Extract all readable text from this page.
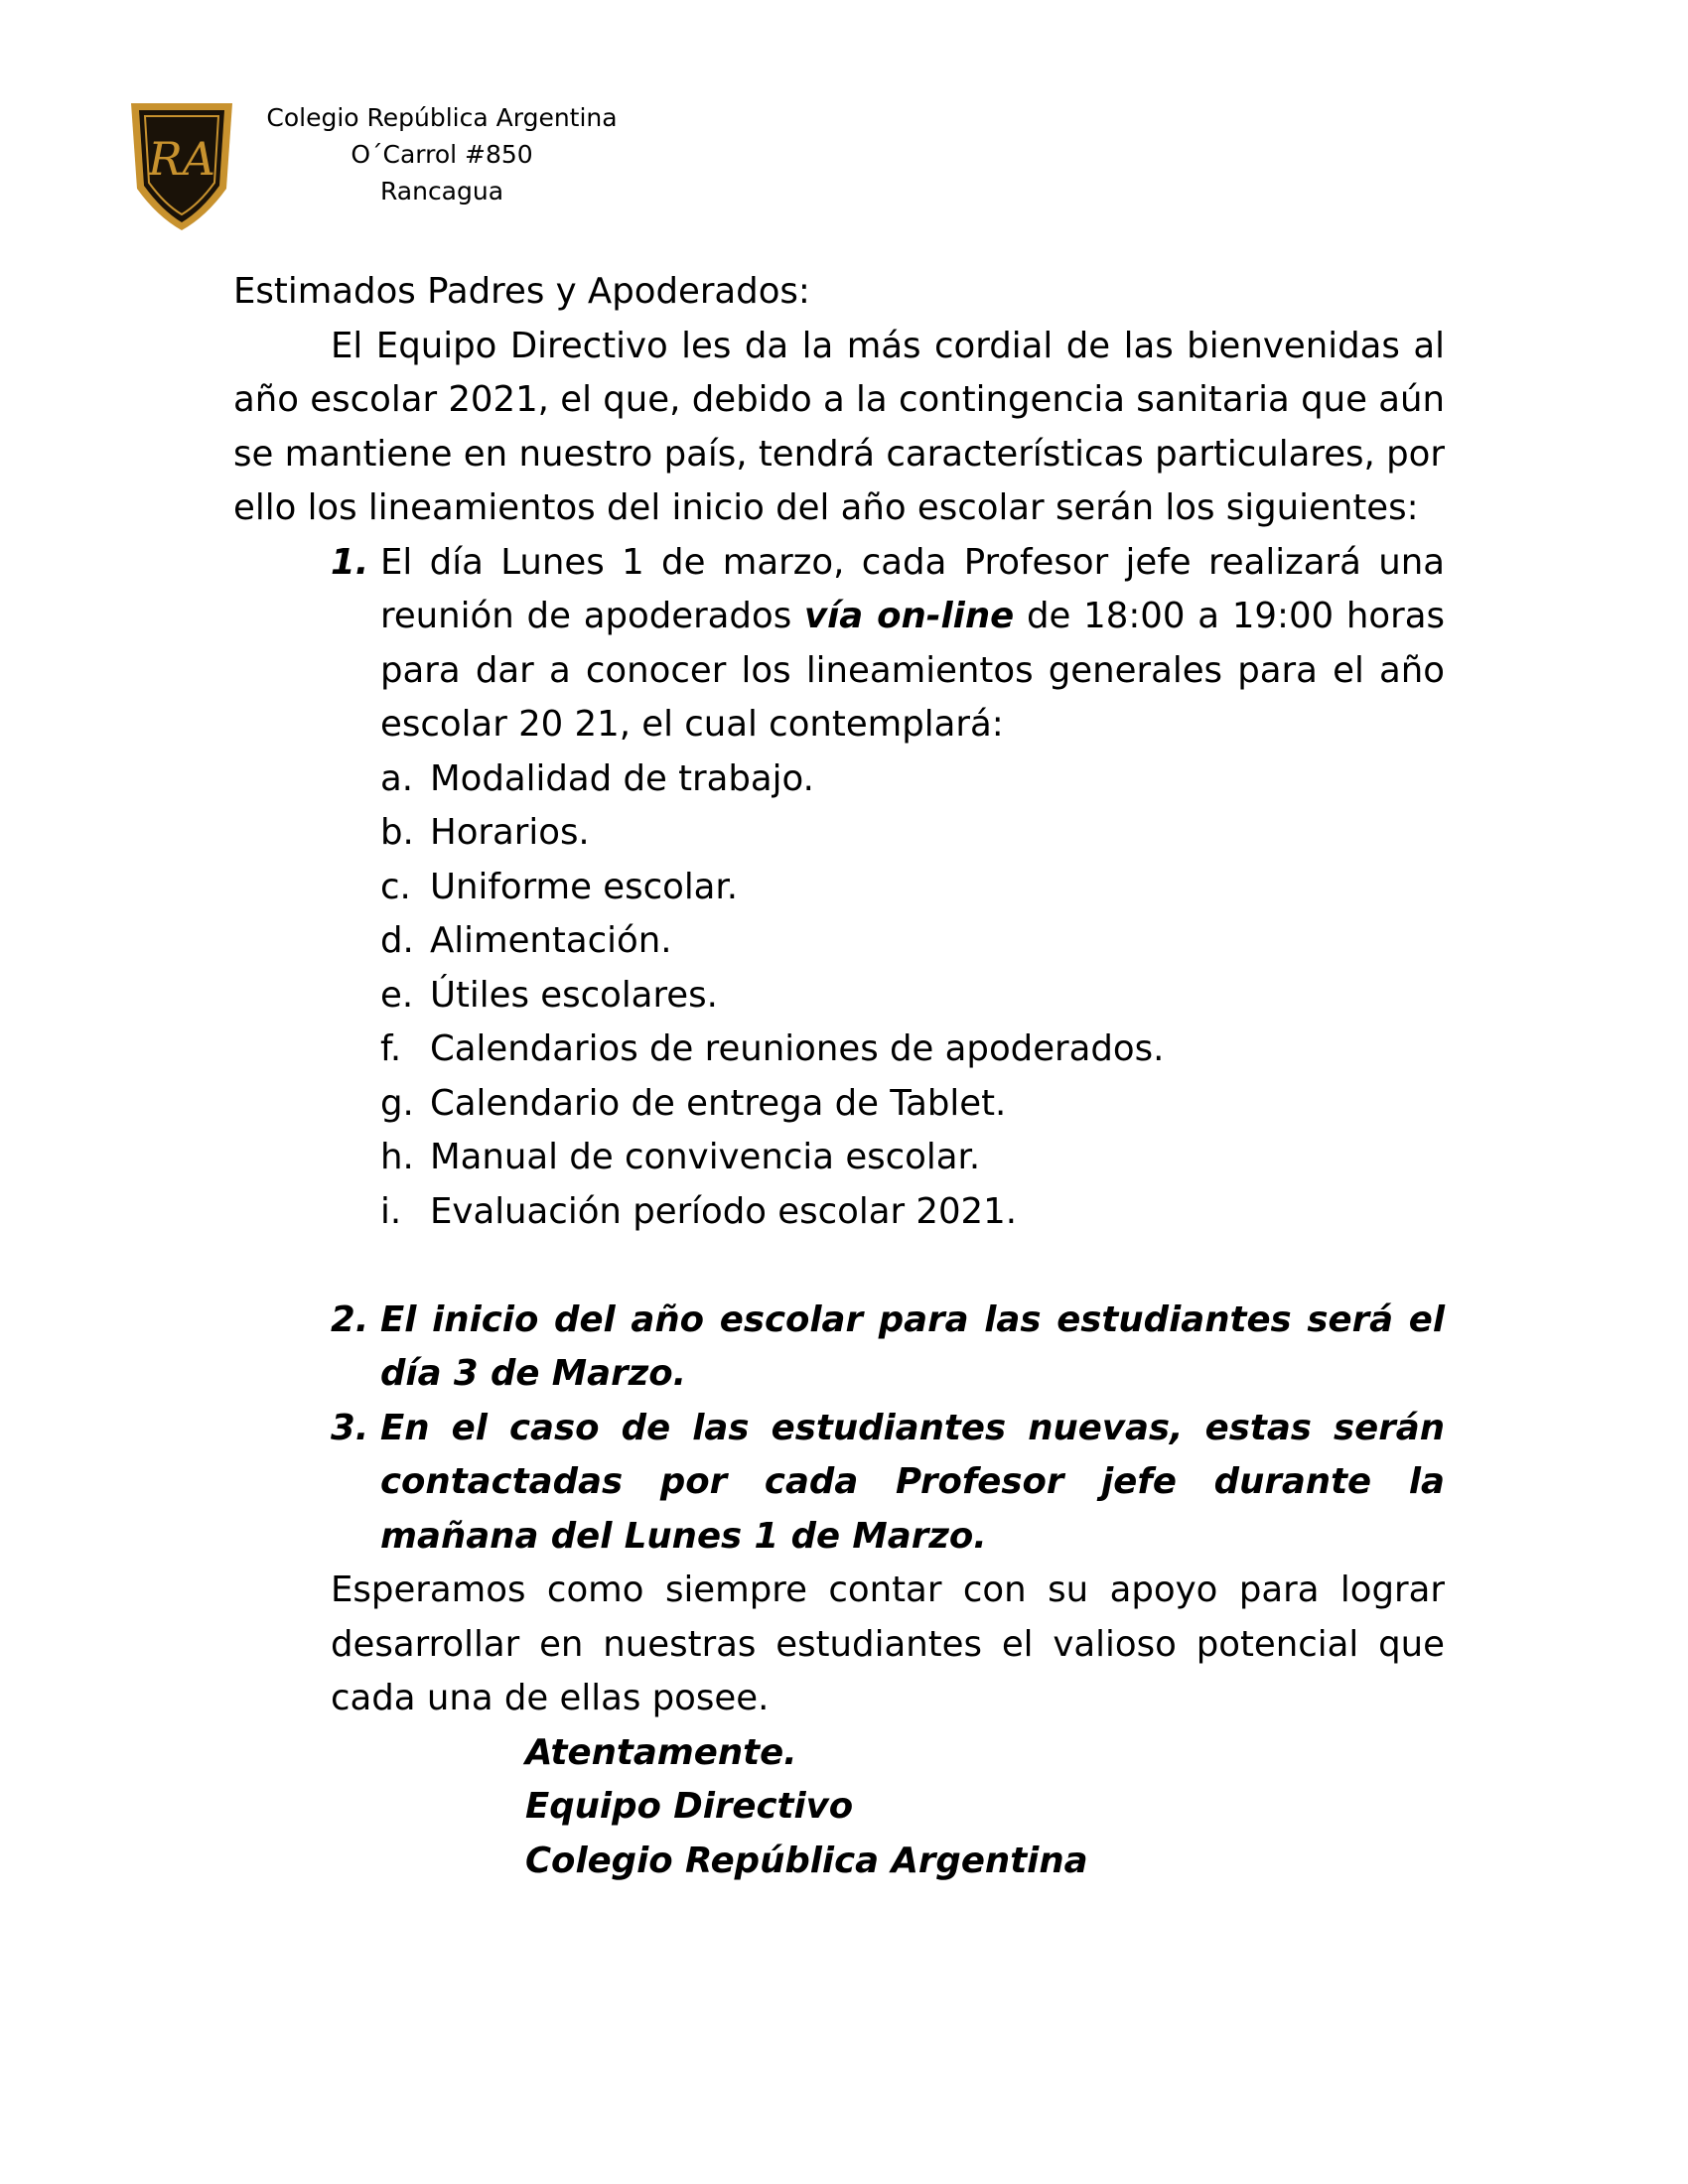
RA
Colegio República Argentina
O´Carrol #850
Rancagua
Estimados Padres y Apoderados:
El Equipo Directivo les da la más cordial de las bienvenidas al año escolar 2021, el que, debido a la contingencia sanitaria que aún se mantiene en nuestro país, tendrá características particulares, por ello los lineamientos del inicio del año escolar serán los siguientes:
1. El día Lunes 1 de marzo, cada Profesor jefe realizará una reunión de apoderados vía on-line de 18:00 a 19:00 horas para dar a conocer los lineamientos generales para el año escolar 20 21, el cual contemplará:
a. Modalidad de trabajo.
b. Horarios.
c. Uniforme escolar.
d. Alimentación.
e. Útiles escolares.
f. Calendarios de reuniones de apoderados.
g. Calendario de entrega de Tablet.
h. Manual de convivencia escolar.
i. Evaluación período escolar 2021.
2. El inicio del año escolar para las estudiantes será el día 3 de Marzo.
3. En el caso de las estudiantes nuevas, estas serán contactadas por cada Profesor jefe durante la mañana del Lunes 1 de Marzo.
Esperamos como siempre contar con su apoyo para lograr desarrollar en nuestras estudiantes el valioso potencial que cada una de ellas posee.
Atentamente.
Equipo Directivo
Colegio República Argentina
